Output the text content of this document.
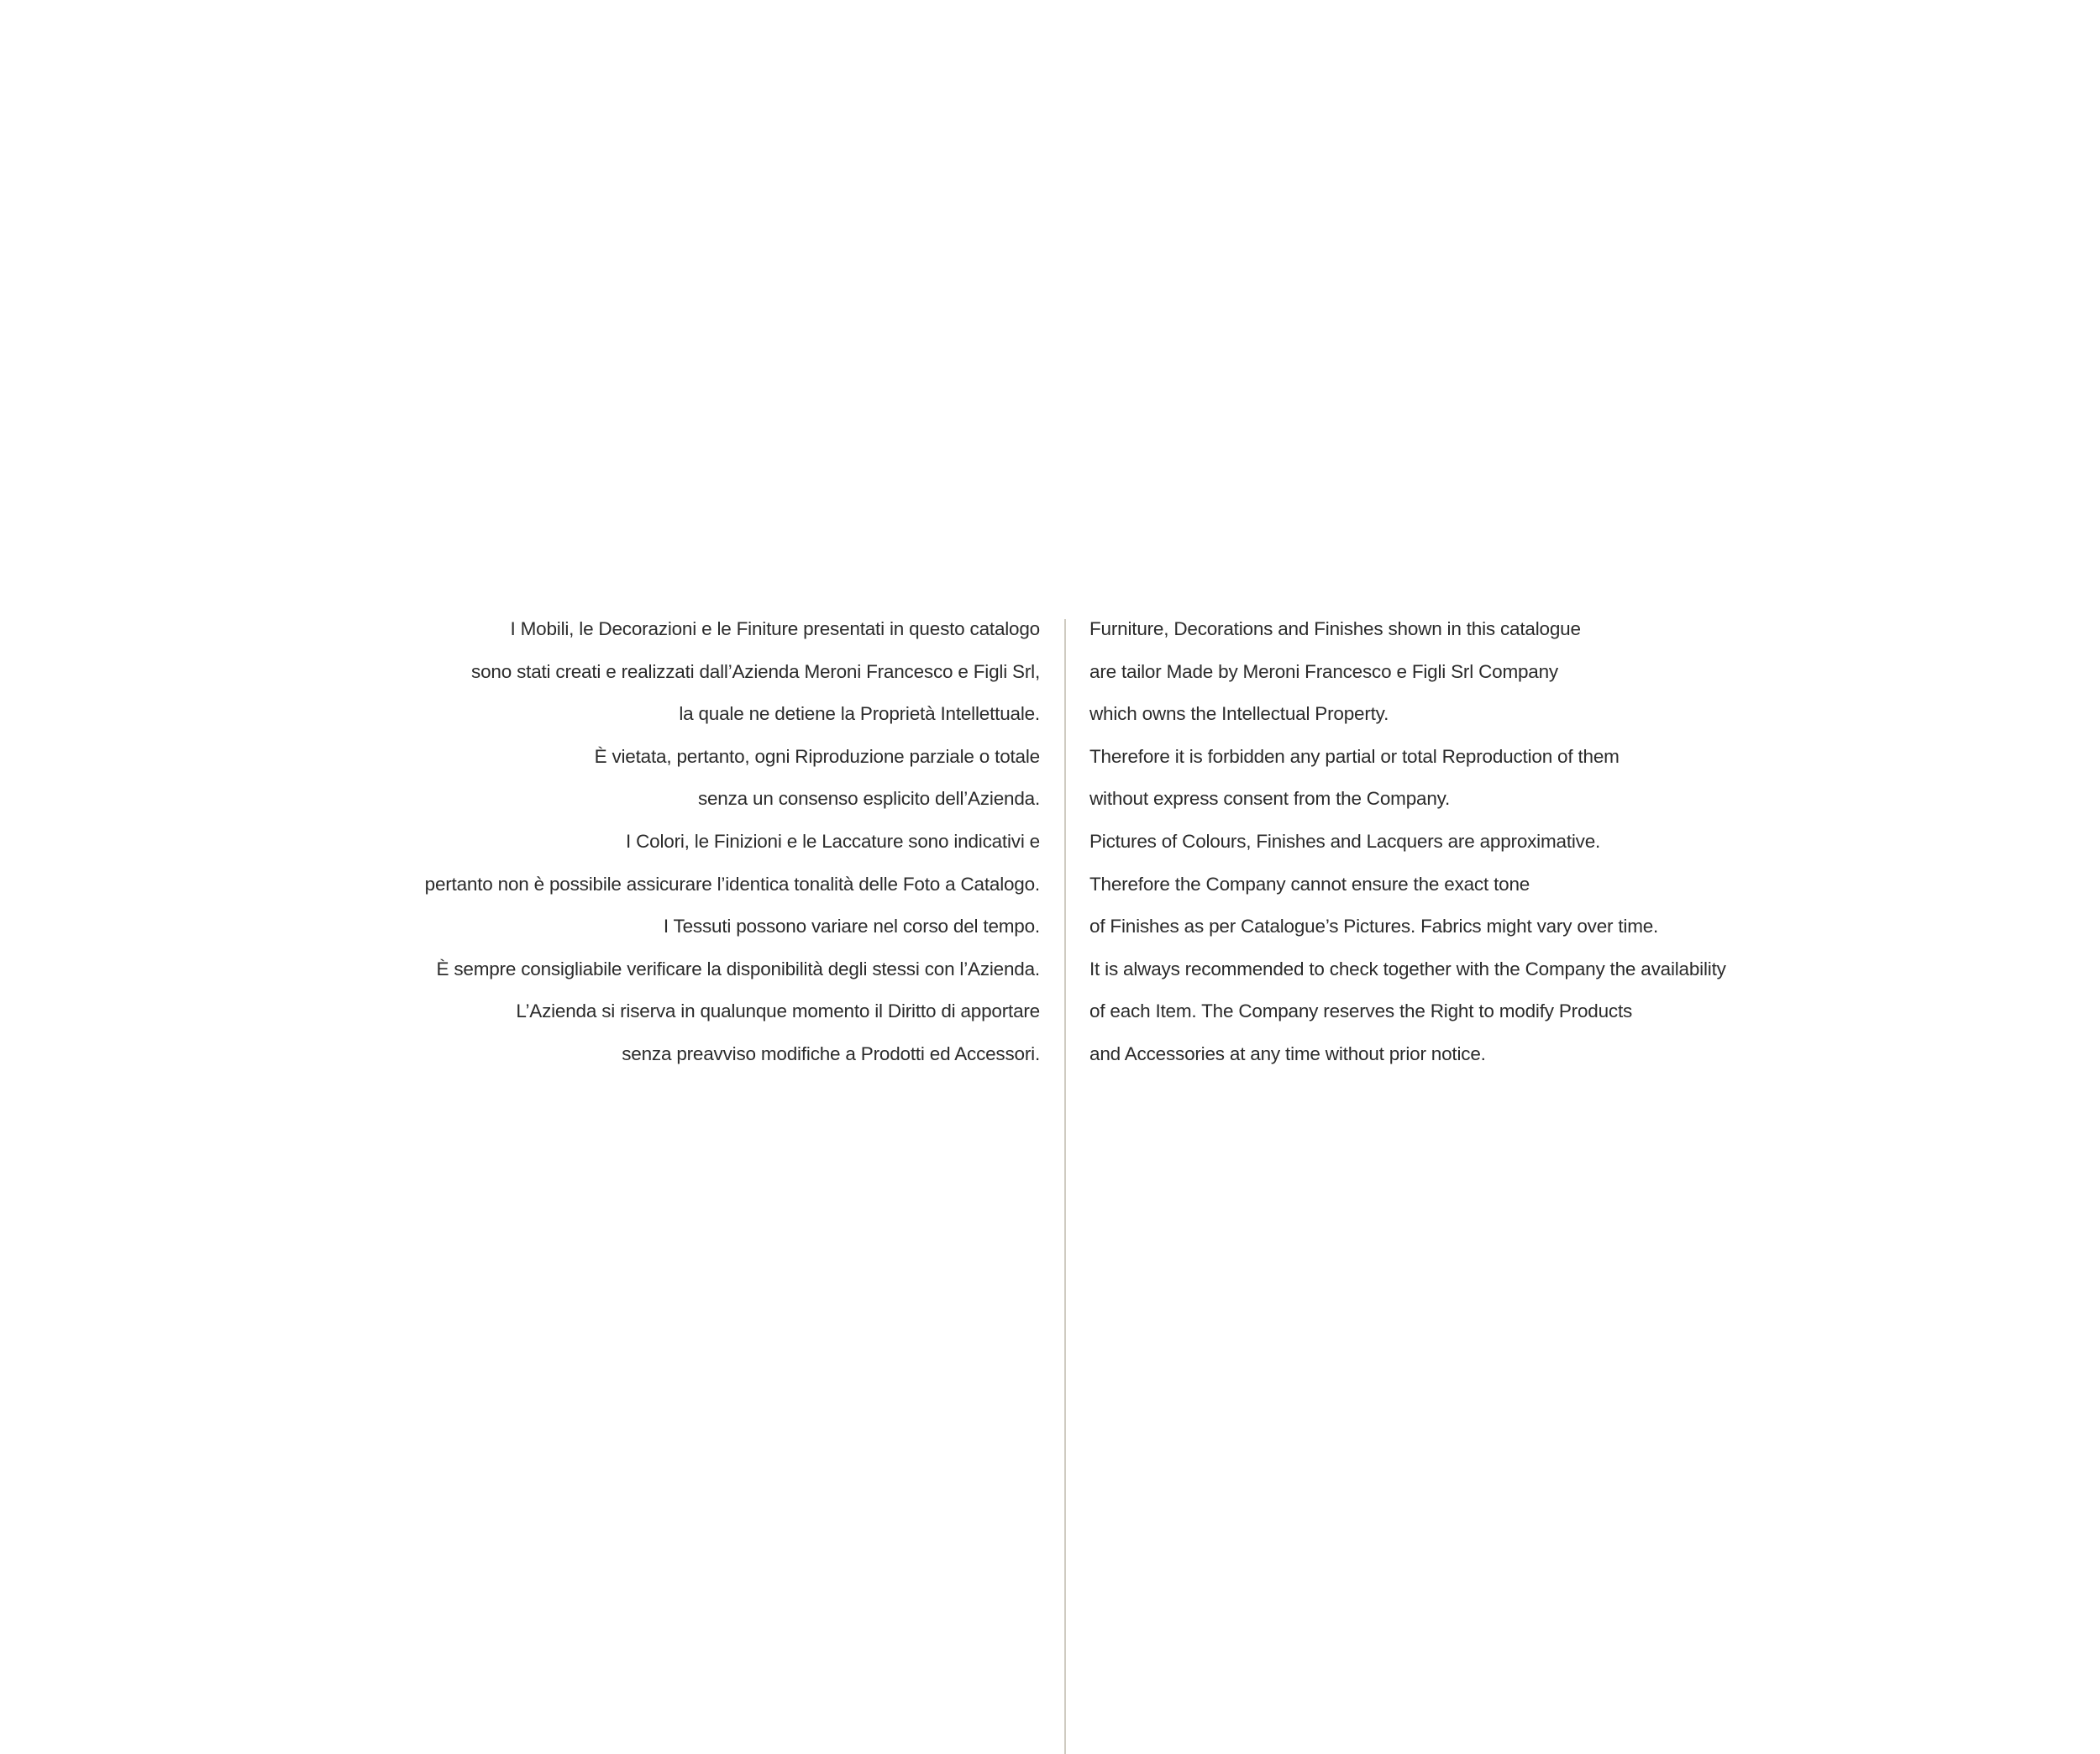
I Mobili, le Decorazioni e le Finiture presentati in questo catalogo
sono stati creati e realizzati dall’Azienda Meroni Francesco e Figli Srl,
la quale ne detiene la Proprietà Intellettuale.
È vietata, pertanto, ogni Riproduzione parziale o totale
senza un consenso esplicito dell’Azienda.
I Colori, le Finizioni e le Laccature sono indicativi e
pertanto non è possibile assicurare l’identica tonalità delle Foto a Catalogo.
I Tessuti possono variare nel corso del tempo.
È sempre consigliabile verificare la disponibilità degli stessi con l’Azienda.
L’Azienda si riserva in qualunque momento il Diritto di apportare
senza preavviso modifiche a Prodotti ed Accessori.
Furniture, Decorations and Finishes shown in this catalogue
are tailor Made by Meroni Francesco e Figli Srl Company
which owns the Intellectual Property.
Therefore it is forbidden any partial or total Reproduction of them
without express consent from the Company.
Pictures of Colours, Finishes and Lacquers are approximative.
Therefore the Company cannot ensure the exact tone
of Finishes as per Catalogue’s Pictures. Fabrics might vary over time.
It is always recommended to check together with the Company the availability
of each Item. The Company reserves the Right to modify Products
and Accessories at any time without prior notice.
